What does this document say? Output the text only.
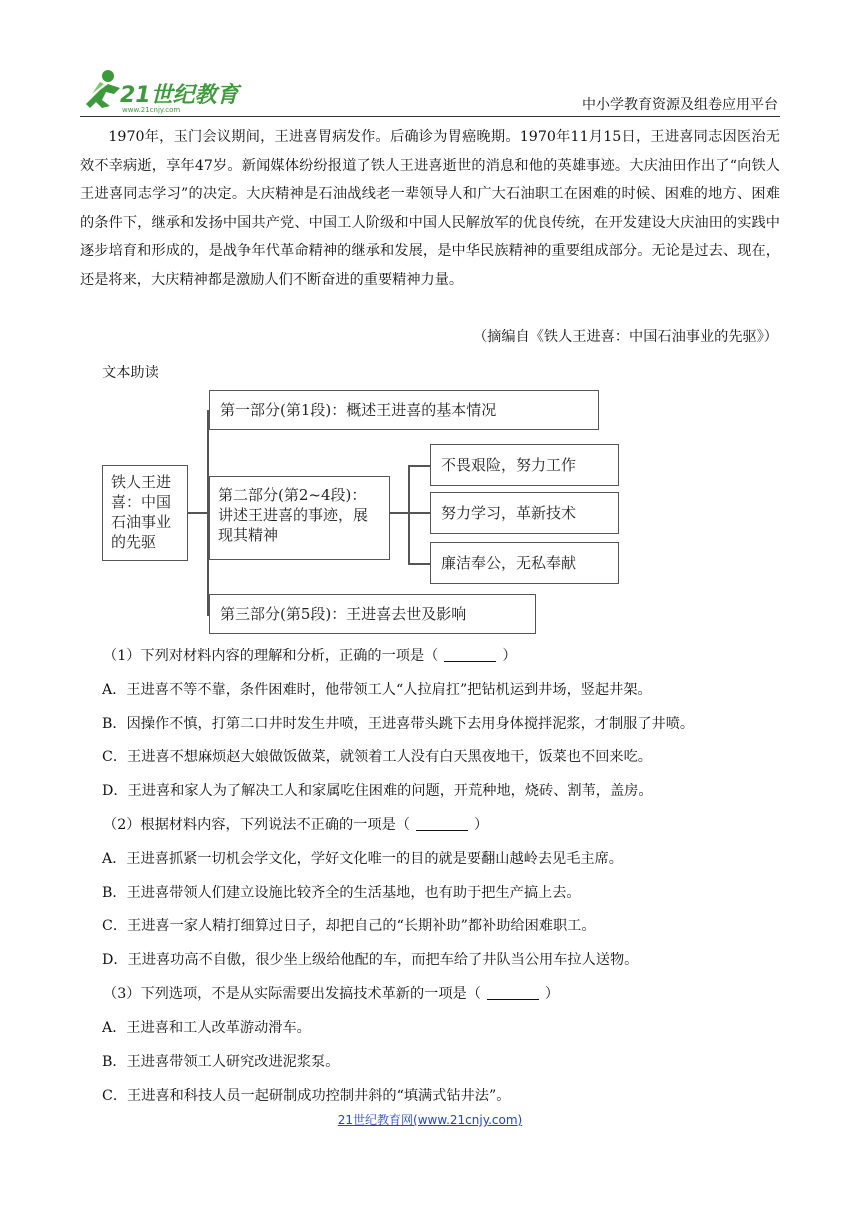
21世纪教育
www.21cnjy.com	中小学教育资源及组卷应用平台

1970年，玉门会议期间，王进喜胃病发作。后确诊为胃癌晚期。1970年11月15日，王进喜同志因医治无效不幸病逝，享年47岁。新闻媒体纷纷报道了铁人王进喜逝世的消息和他的英雄事迹。大庆油田作出了“向铁人王进喜同志学习”的决定。大庆精神是石油战线老一辈领导人和广大石油职工在困难的时候、困难的地方、困难的条件下，继承和发扬中国共产党、中国工人阶级和中国人民解放军的优良传统，在开发建设大庆油田的实践中逐步培育和形成的，是战争年代革命精神的继承和发展，是中华民族精神的重要组成部分。无论是过去、现在，还是将来，大庆精神都是激励人们不断奋进的重要精神力量。

（摘编自《铁人王进喜：中国石油事业的先驱》）
文本助读
铁人王进喜：中国石油事业的先驱
第一部分(第1段)：概述王进喜的基本情况
第二部分(第2~4段)：讲述王进喜的事迹，展现其精神
不畏艰险，努力工作
努力学习，革新技术
廉洁奉公，无私奉献
第三部分(第5段)：王进喜去世及影响
（1）下列对材料内容的理解和分析，正确的一项是（	）
A．王进喜不等不靠，条件困难时，他带领工人“人拉肩扛”把钻机运到井场，竖起井架。
B．因操作不慎，打第二口井时发生井喷，王进喜带头跳下去用身体搅拌泥浆，才制服了井喷。
C．王进喜不想麻烦赵大娘做饭做菜，就领着工人没有白天黑夜地干，饭菜也不回来吃。
D．王进喜和家人为了解决工人和家属吃住困难的问题，开荒种地，烧砖、割苇，盖房。
（2）根据材料内容，下列说法不正确的一项是（	）
A．王进喜抓紧一切机会学文化，学好文化唯一的目的就是要翻山越岭去见毛主席。
B．王进喜带领人们建立设施比较齐全的生活基地，也有助于把生产搞上去。
C．王进喜一家人精打细算过日子，却把自己的“长期补助”都补助给困难职工。
D．王进喜功高不自傲，很少坐上级给他配的车，而把车给了井队当公用车拉人送物。
（3）下列选项，不是从实际需要出发搞技术革新的一项是（	）
A．王进喜和工人改革游动滑车。
B．王进喜带领工人研究改进泥浆泵。
C．王进喜和科技人员一起研制成功控制井斜的“填满式钻井法”。
21世纪教育网(www.21cnjy.com)
